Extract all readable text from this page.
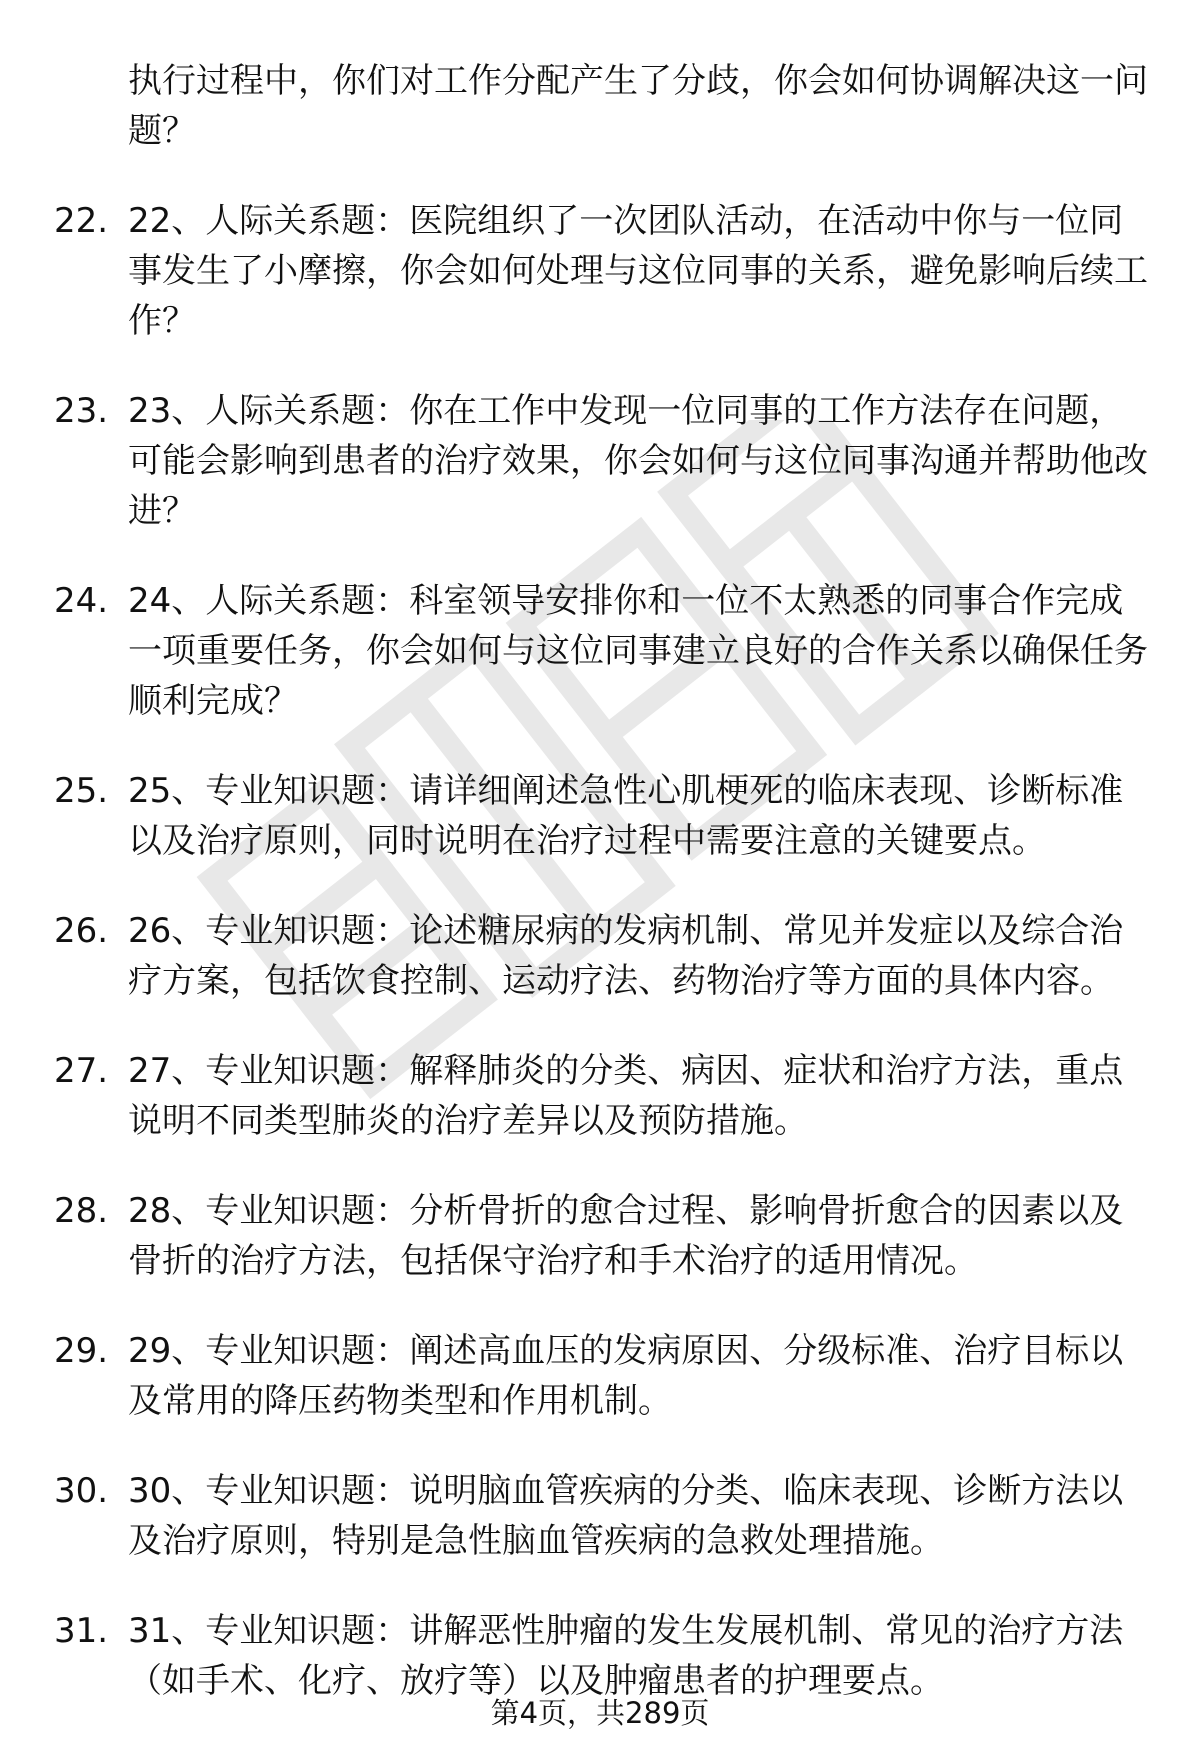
执行过程中，你们对工作分配产生了分歧，你会如何协调解决这一问题？
22. 22、人际关系题：医院组织了一次团队活动，在活动中你与一位同事发生了小摩擦，你会如何处理与这位同事的关系，避免影响后续工作？
23. 23、人际关系题：你在工作中发现一位同事的工作方法存在问题，可能会影响到患者的治疗效果，你会如何与这位同事沟通并帮助他改进？
24. 24、人际关系题：科室领导安排你和一位不太熟悉的同事合作完成一项重要任务，你会如何与这位同事建立良好的合作关系以确保任务顺利完成？
25. 25、专业知识题：请详细阐述急性心肌梗死的临床表现、诊断标准以及治疗原则，同时说明在治疗过程中需要注意的关键要点。
26. 26、专业知识题：论述糖尿病的发病机制、常见并发症以及综合治疗方案，包括饮食控制、运动疗法、药物治疗等方面的具体内容。
27. 27、专业知识题：解释肺炎的分类、病因、症状和治疗方法，重点说明不同类型肺炎的治疗差异以及预防措施。
28. 28、专业知识题：分析骨折的愈合过程、影响骨折愈合的因素以及骨折的治疗方法，包括保守治疗和手术治疗的适用情况。
29. 29、专业知识题：阐述高血压的发病原因、分级标准、治疗目标以及常用的降压药物类型和作用机制。
30. 30、专业知识题：说明脑血管疾病的分类、临床表现、诊断方法以及治疗原则，特别是急性脑血管疾病的急救处理措施。
31. 31、专业知识题：讲解恶性肿瘤的发生发展机制、常见的治疗方法（如手术、化疗、放疗等）以及肿瘤患者的护理要点。
第4页，共289页
